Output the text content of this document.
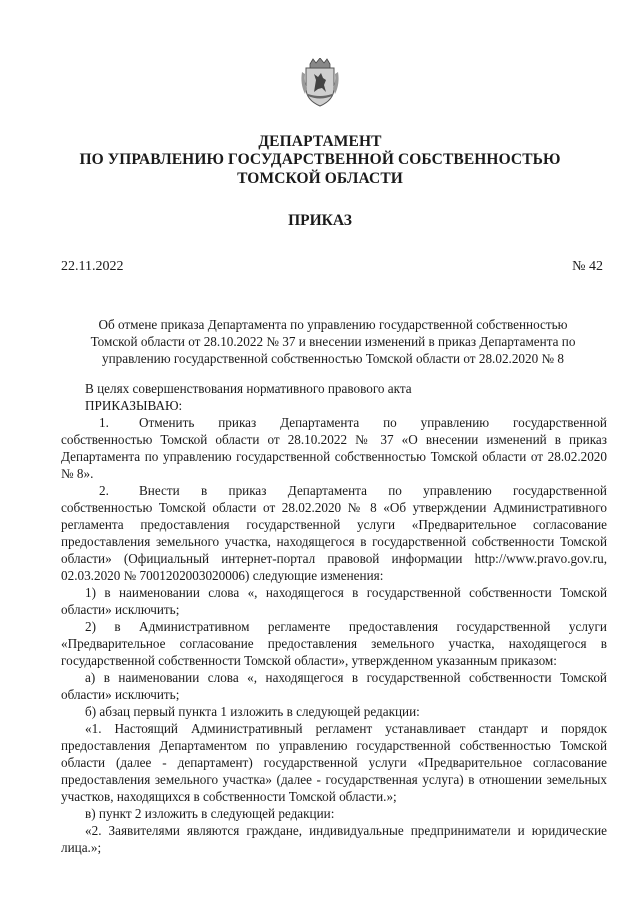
ДЕПАРТАМЕНТ
ПО УПРАВЛЕНИЮ ГОСУДАРСТВЕННОЙ СОБСТВЕННОСТЬЮ
ТОМСКОЙ ОБЛАСТИ
ПРИКАЗ
22.11.2022	№ 42
Об отмене приказа Департамента по управлению государственной собственностью
Томской области от 28.10.2022 № 37 и внесении изменений в приказ Департамента по
управлению государственной собственностью Томской области от 28.02.2020 № 8

В целях совершенствования нормативного правового акта

ПРИКАЗЫВАЮ:

1. Отменить приказ Департамента по управлению государственной

собственностью Томской области от 28.10.2022 № 37 «О внесении изменений в приказ Департамента по управлению государственной собственностью Томской области от 28.02.2020 № 8».

2. Внести в приказ Департамента по управлению государственной

собственностью Томской области от 28.02.2020 № 8 «Об утверждении Административного регламента предоставления государственной услуги «Предварительное согласование предоставления земельного участка, находящегося в государственной собственности Томской области» (Официальный интернет-портал правовой информации http://www.pravo.gov.ru, 02.03.2020 № 7001202003020006) следующие изменения:

1) в наименовании слова «, находящегося в государственной собственности Томской области» исключить;

2) в Административном регламенте предоставления государственной услуги «Предварительное согласование предоставления земельного участка, находящегося в государственной собственности Томской области», утвержденном указанным приказом:

а) в наименовании слова «, находящегося в государственной собственности Томской области» исключить;

б) абзац первый пункта 1 изложить в следующей редакции:

«1. Настоящий Административный регламент устанавливает стандарт и порядок предоставления Департаментом по управлению государственной собственностью Томской области (далее - департамент) государственной услуги «Предварительное согласование предоставления земельного участка» (далее - государственная услуга) в отношении земельных участков, находящихся в собственности Томской области.»;

в) пункт 2 изложить в следующей редакции:

«2. Заявителями являются граждане, индивидуальные предприниматели и юридические лица.»;
